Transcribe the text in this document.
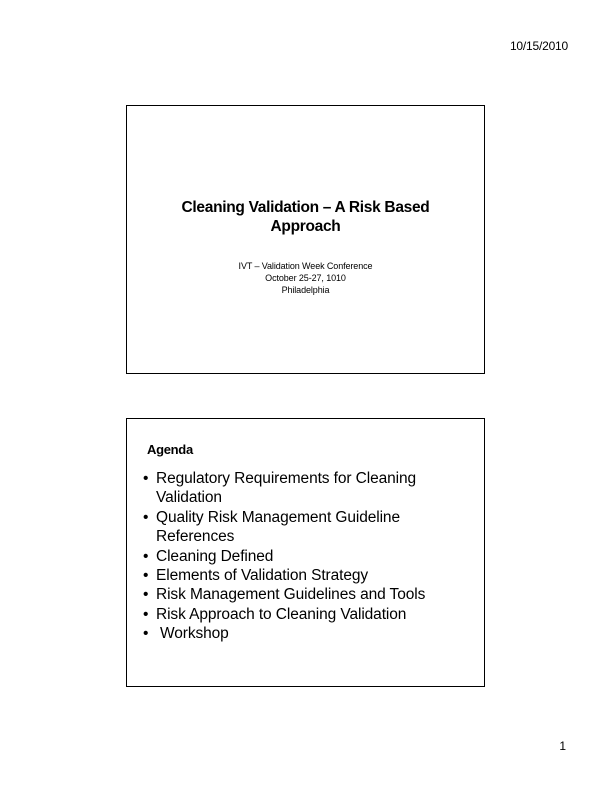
10/15/2010
Cleaning Validation – A Risk Based
Approach
IVT – Validation Week Conference
October 25-27, 1010
Philadelphia
Agenda
• Regulatory Requirements for Cleaning
Validation
• Quality Risk Management Guideline
References
• Cleaning Defined
• Elements of Validation Strategy
• Risk Management Guidelines and Tools
• Risk Approach to Cleaning Validation
• Workshop
1
